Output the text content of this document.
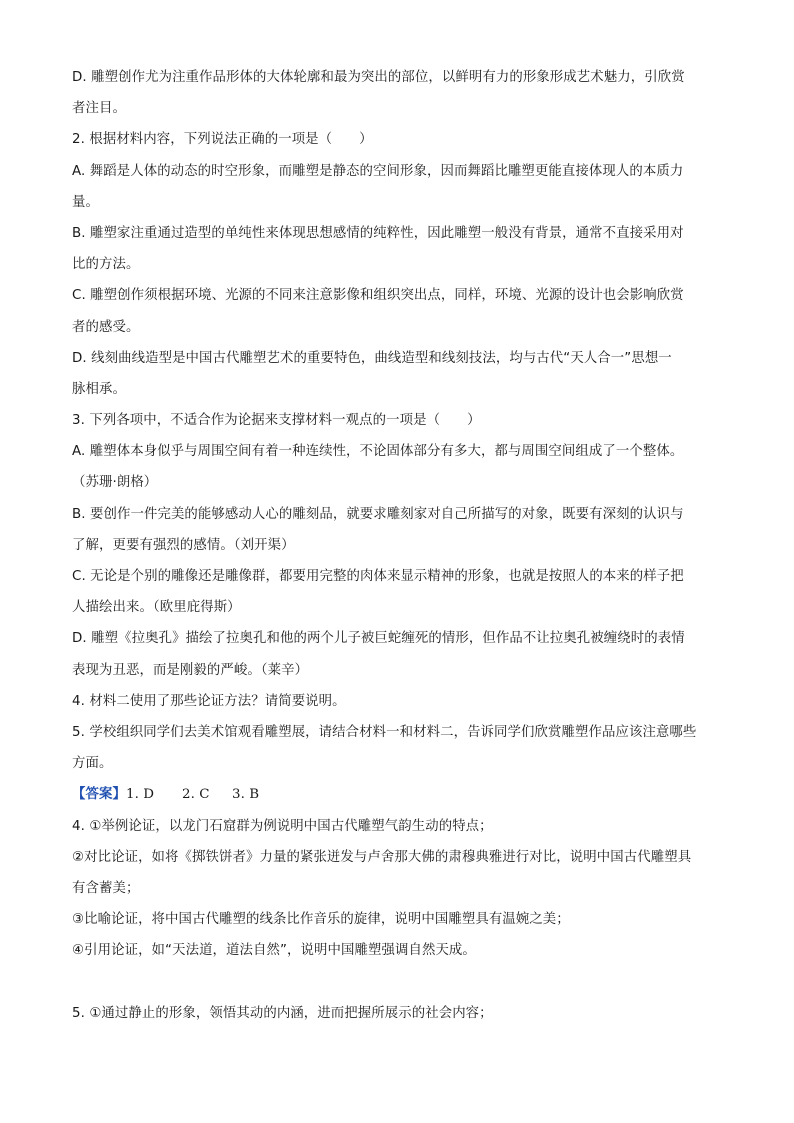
D. 雕塑创作尤为注重作品形体的大体轮廓和最为突出的部位，以鲜明有力的形象形成艺术魅力，引欣赏
者注目。
2. 根据材料内容，下列说法正确的一项是（　　）
A. 舞蹈是人体的动态的时空形象，而雕塑是静态的空间形象，因而舞蹈比雕塑更能直接体现人的本质力
量。
B. 雕塑家注重通过造型的单纯性来体现思想感情的纯粹性，因此雕塑一般没有背景，通常不直接采用对
比的方法。
C. 雕塑创作须根据环境、光源的不同来注意影像和组织突出点，同样，环境、光源的设计也会影响欣赏
者的感受。
D. 线刻曲线造型是中国古代雕塑艺术的重要特色，曲线造型和线刻技法，均与古代“天人合一”思想一
脉相承。
3. 下列各项中，不适合作为论据来支撑材料一观点的一项是（　　）
A. 雕塑体本身似乎与周围空间有着一种连续性，不论固体部分有多大，都与周围空间组成了一个整体。
（苏珊·朗格）
B. 要创作一件完美的能够感动人心的雕刻品，就要求雕刻家对自己所描写的对象，既要有深刻的认识与
了解，更要有强烈的感情。（刘开渠）
C. 无论是个别的雕像还是雕像群，都要用完整的肉体来显示精神的形象，也就是按照人的本来的样子把
人描绘出来。（欧里庇得斯）
D. 雕塑《拉奥孔》描绘了拉奥孔和他的两个儿子被巨蛇缠死的情形，但作品不让拉奥孔被缠绕时的表情
表现为丑恶，而是刚毅的严峻。（莱辛）
4. 材料二使用了那些论证方法？请简要说明。
5. 学校组织同学们去美术馆观看雕塑展，请结合材料一和材料二，告诉同学们欣赏雕塑作品应该注意哪些
方面。
【答案】1. D 2. C 3. B
4. ①举例论证，以龙门石窟群为例说明中国古代雕塑气韵生动的特点；
②对比论证，如将《掷铁饼者》力量的紧张迸发与卢舍那大佛的肃穆典雅进行对比，说明中国古代雕塑具
有含蓄美；
③比喻论证，将中国古代雕塑的线条比作音乐的旋律，说明中国雕塑具有温婉之美；
④引用论证，如“天法道，道法自然”，说明中国雕塑强调自然天成。
5. ①通过静止的形象，领悟其动的内涵，进而把握所展示的社会内容；
